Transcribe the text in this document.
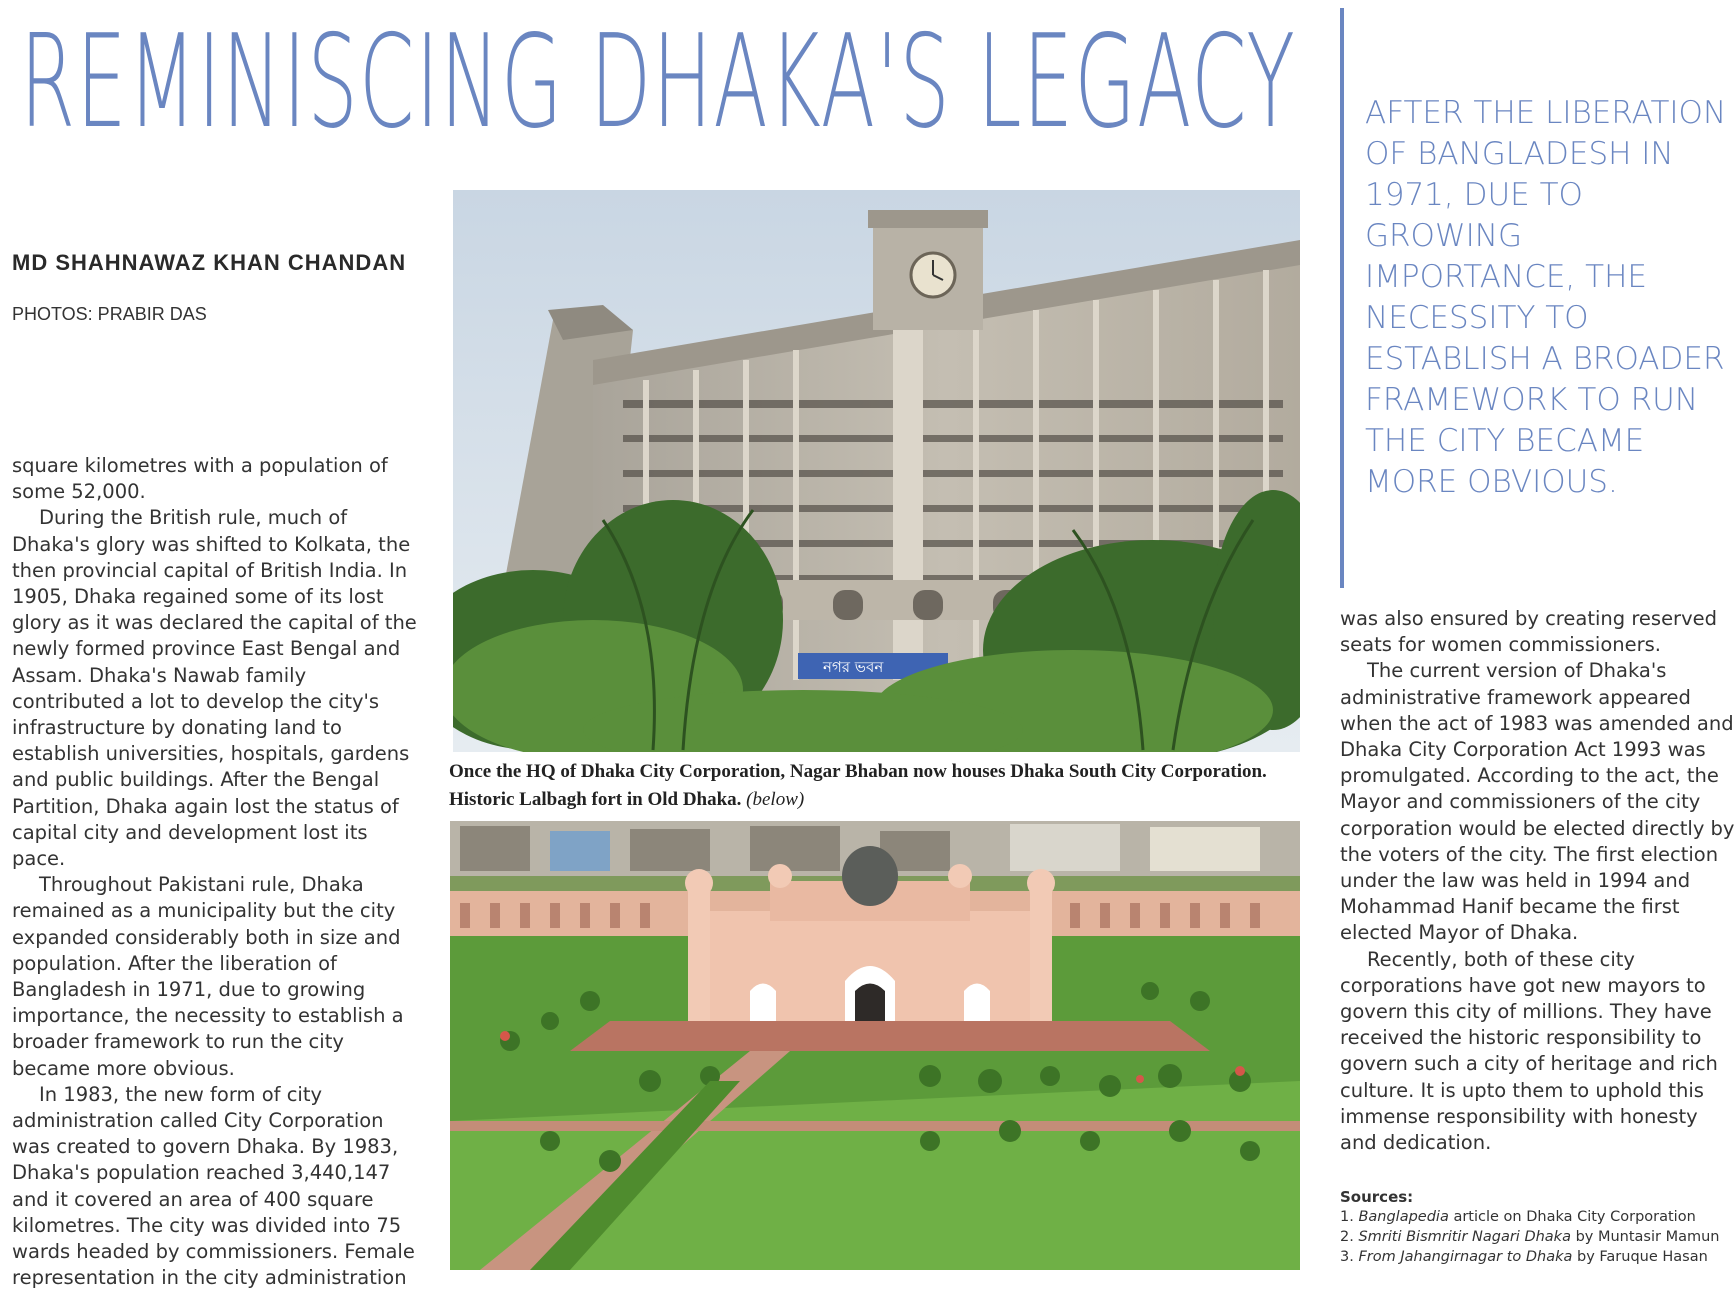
REMINISCING DHAKA'S LEGACY AFTER THE LIBERATION OF BANGLADESH IN 1971, DUE TO GROWING IMPORTANCE, THE NECESSITY TO ESTABLISH A BROADER FRAMEWORK TO RUN THE CITY BECAME MORE OBVIOUS.
MD SHAHNAWAZ KHAN CHANDAN
PHOTOS: PRABIR DAS

square kilometres with a population of some 52,000.

During the British rule, much of Dhaka's glory was shifted to Kolkata, the then provincial capital of British India. In 1905, Dhaka regained some of its lost glory as it was declared the capital of the newly formed province East Bengal and Assam. Dhaka's Nawab family contributed a lot to develop the city's infrastructure by donating land to establish universities, hospitals, gardens and public buildings. After the Bengal Partition, Dhaka again lost the status of capital city and development lost its pace.

Throughout Pakistani rule, Dhaka remained as a municipality but the city expanded considerably both in size and population. After the liberation of Bangladesh in 1971, due to growing importance, the necessity to establish a broader framework to run the city became more obvious.

In 1983, the new form of city administration called City Corporation was created to govern Dhaka. By 1983, Dhaka's population reached 3,440,147 and it covered an area of 400 square kilometres. The city was divided into 75 wards headed by commissioners. Female representation in the city administration

নগর ভবন
Once the HQ of Dhaka City Corporation, Nagar Bhaban now houses Dhaka South City Corporation.
Historic Lalbagh fort in Old Dhaka. (below)

was also ensured by creating reserved seats for women commissioners.

The current version of Dhaka's administrative framework appeared when the act of 1983 was amended and Dhaka City Corporation Act 1993 was promulgated. According to the act, the Mayor and commissioners of the city corporation would be elected directly by the voters of the city. The first election under the law was held in 1994 and Mohammad Hanif became the first elected Mayor of Dhaka.

Recently, both of these city corporations have got new mayors to govern this city of millions. They have received the historic responsibility to govern such a city of heritage and rich culture. It is upto them to uphold this immense responsibility with honesty and dedication.

Sources:
1. Banglapedia article on Dhaka City Corporation
2. Smriti Bismritir Nagari Dhaka by Muntasir Mamun
3. From Jahangirnagar to Dhaka by Faruque Hasan
